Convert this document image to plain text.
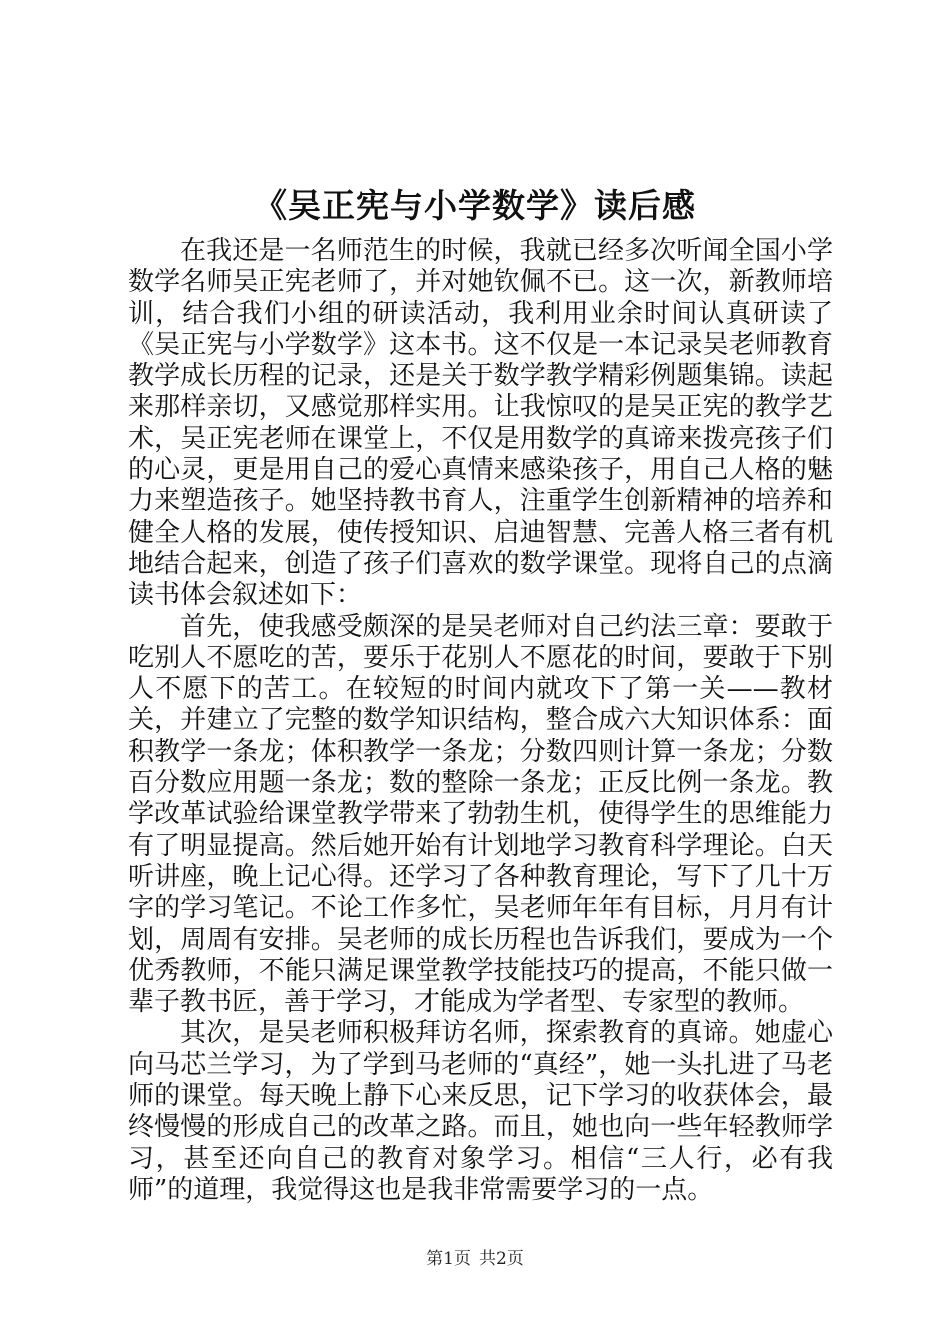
《吴正宪与小学数学》读后感

在我还是一名师范生的时候，我就已经多次听闻全国小学数学名师吴正宪老师了，并对她钦佩不已。这一次，新教师培训，结合我们小组的研读活动，我利用业余时间认真研读了《吴正宪与小学数学》这本书。这不仅是一本记录吴老师教育教学成长历程的记录，还是关于数学教学精彩例题集锦。读起来那样亲切，又感觉那样实用。让我惊叹的是吴正宪的教学艺术，吴正宪老师在课堂上，不仅是用数学的真谛来拨亮孩子们的心灵，更是用自己的爱心真情来感染孩子，用自己人格的魅力来塑造孩子。她坚持教书育人，注重学生创新精神的培养和健全人格的发展，使传授知识、启迪智慧、完善人格三者有机地结合起来，创造了孩子们喜欢的数学课堂。现将自己的点滴读书体会叙述如下：

首先，使我感受颇深的是吴老师对自己约法三章：要敢于吃别人不愿吃的苦，要乐于花别人不愿花的时间，要敢于下别人不愿下的苦工。在较短的时间内就攻下了第一关——教材关，并建立了完整的数学知识结构，整合成六大知识体系：面积教学一条龙；体积教学一条龙；分数四则计算一条龙；分数百分数应用题一条龙；数的整除一条龙；正反比例一条龙。教学改革试验给课堂教学带来了勃勃生机，使得学生的思维能力有了明显提高。然后她开始有计划地学习教育科学理论。白天听讲座，晚上记心得。还学习了各种教育理论，写下了几十万字的学习笔记。不论工作多忙，吴老师年年有目标，月月有计划，周周有安排。吴老师的成长历程也告诉我们，要成为一个优秀教师，不能只满足课堂教学技能技巧的提高，不能只做一辈子教书匠，善于学习，才能成为学者型、专家型的教师。

其次，是吴老师积极拜访名师，探索教育的真谛。她虚心向马芯兰学习，为了学到马老师的“真经”，她一头扎进了马老师的课堂。每天晚上静下心来反思，记下学习的收获体会，最终慢慢的形成自己的改革之路。而且，她也向一些年轻教师学习，甚至还向自己的教育对象学习。相信“三人行，必有我师”的道理，我觉得这也是我非常需要学习的一点。

第1页 共2页
